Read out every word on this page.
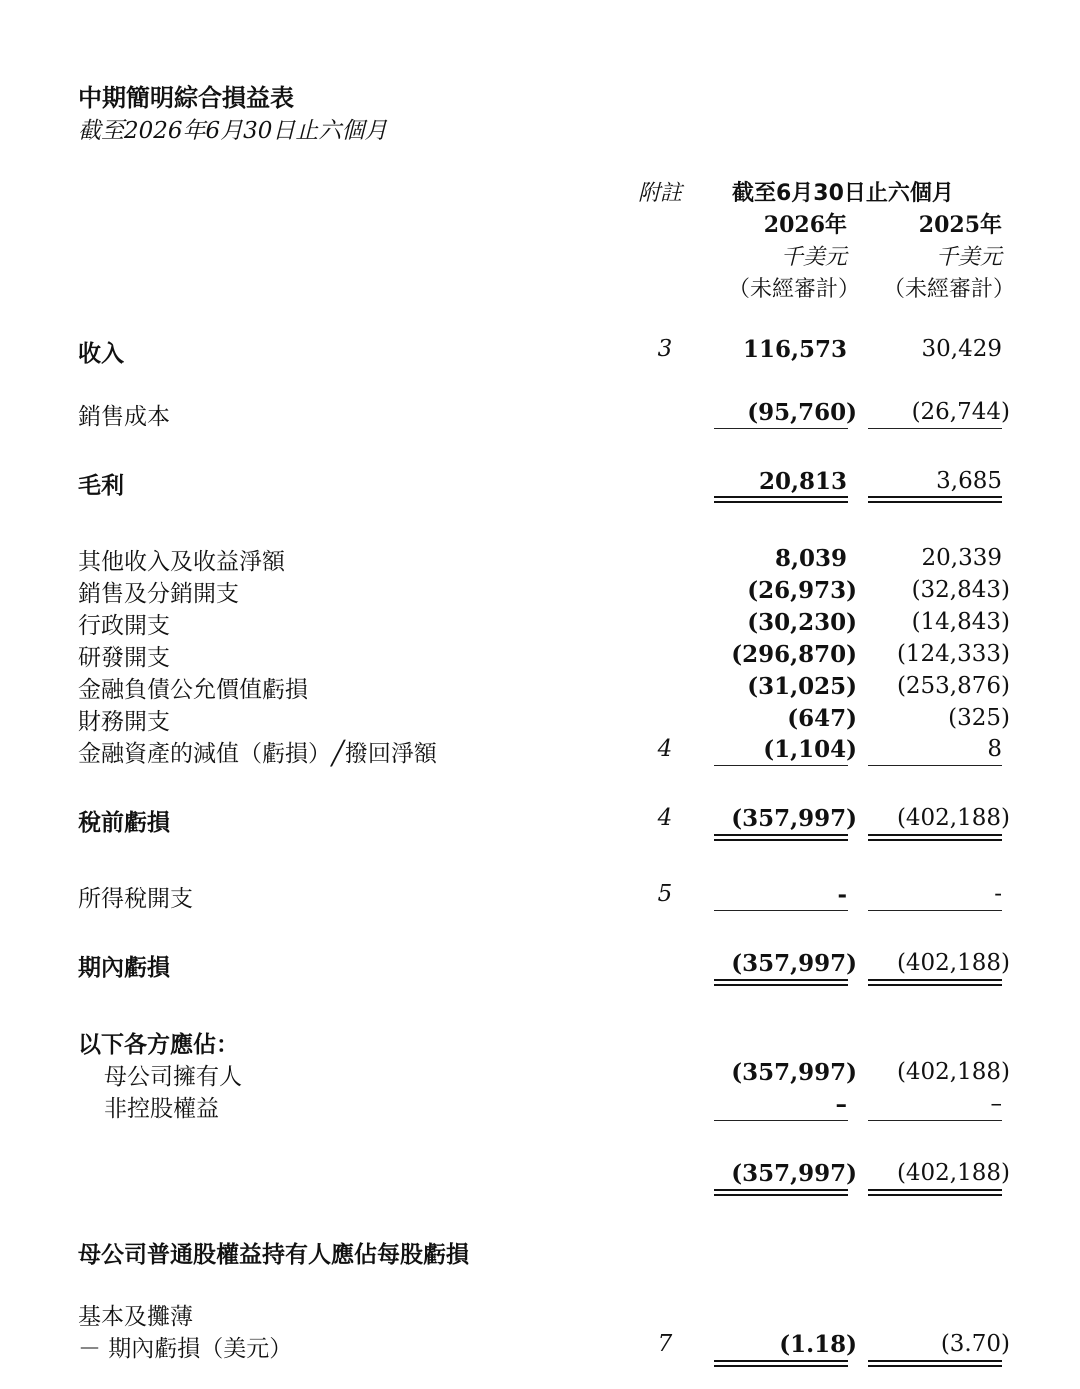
中期簡明綜合損益表
截至2026年6月30日止六個月
附註 截至6月30日止六個月
2026年	2025年
千美元	千美元
（未經審計）	（未經審計）
收入	3	116,573	30,429
銷售成本	(95,760)	(26,744)
毛利	20,813	3,685
其他收入及收益淨額	8,039	20,339
銷售及分銷開支	(26,973)	(32,843)
行政開支	(30,230)	(14,843)
研發開支	(296,870)	(124,333)
金融負債公允價值虧損	(31,025)	(253,876)
財務開支	(647)	(325)
金融資產的減值（虧損）╱撥回淨額	4	(1,104)	8
稅前虧損	4	(357,997)	(402,188)
所得稅開支	5	-	-
期內虧損	(357,997)	(402,188)
以下各方應佔：
母公司擁有人	(357,997)	(402,188)
非控股權益	–	–
(357,997)	(402,188)
母公司普通股權益持有人應佔每股虧損
基本及攤薄
－ 期內虧損（美元）	7	(1.18)	(3.70)
